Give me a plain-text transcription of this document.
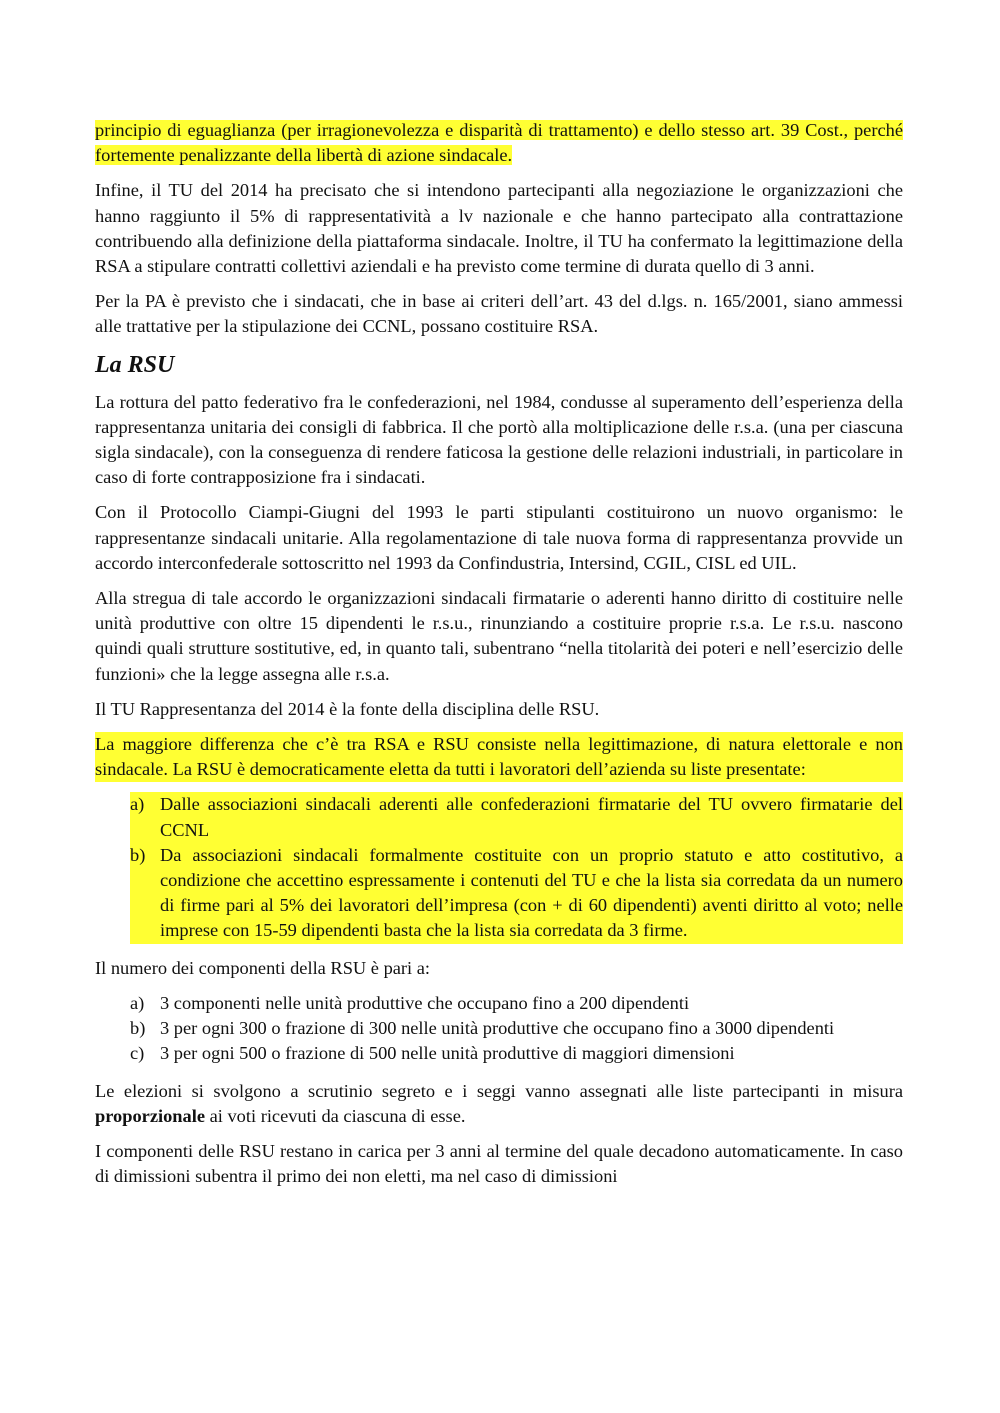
principio di eguaglianza (per irragionevolezza e disparità di trattamento) e dello stesso art. 39 Cost., perché fortemente penalizzante della libertà di azione sindacale.

Infine, il TU del 2014 ha precisato che si intendono partecipanti alla negoziazione le organizzazioni che hanno raggiunto il 5% di rappresentatività a lv nazionale e che hanno partecipato alla contrattazione contribuendo alla definizione della piattaforma sindacale. Inoltre, il TU ha confermato la legittimazione della RSA a stipulare contratti collettivi aziendali e ha previsto come termine di durata quello di 3 anni.

Per la PA è previsto che i sindacati, che in base ai criteri dell’art. 43 del d.lgs. n. 165/2001, siano ammessi alle trattative per la stipulazione dei CCNL, possano costituire RSA.

La RSU

La rottura del patto federativo fra le confederazioni, nel 1984, condusse al superamento dell’esperienza della rappresentanza unitaria dei consigli di fabbrica. Il che portò alla moltiplicazione delle r.s.a. (una per ciascuna sigla sindacale), con la conseguenza di rendere faticosa la gestione delle relazioni industriali, in particolare in caso di forte contrapposizione fra i sindacati.

Con il Protocollo Ciampi-Giugni del 1993 le parti stipulanti costituirono un nuovo organismo: le rappresentanze sindacali unitarie. Alla regolamentazione di tale nuova forma di rappresentanza provvide un accordo interconfederale sottoscritto nel 1993 da Confindustria, Intersind, CGIL, CISL ed UIL.

Alla stregua di tale accordo le organizzazioni sindacali firmatarie o aderenti hanno diritto di costituire nelle unità produttive con oltre 15 dipendenti le r.s.u., rinunziando a costituire proprie r.s.a. Le r.s.u. nascono quindi quali strutture sostitutive, ed, in quanto tali, subentrano “nella titolarità dei poteri e nell’esercizio delle funzioni» che la legge assegna alle r.s.a.

Il TU Rappresentanza del 2014 è la fonte della disciplina delle RSU.

La maggiore differenza che c’è tra RSA e RSU consiste nella legittimazione, di natura elettorale e non sindacale. La RSU è democraticamente eletta da tutti i lavoratori dell’azienda su liste presentate:

a) Dalle associazioni sindacali aderenti alle confederazioni firmatarie del TU ovvero firmatarie del CCNL
b) Da associazioni sindacali formalmente costituite con un proprio statuto e atto costitutivo, a condizione che accettino espressamente i contenuti del TU e che la lista sia corredata da un numero di firme pari al 5% dei lavoratori dell’impresa (con + di 60 dipendenti) aventi diritto al voto; nelle imprese con 15-59 dipendenti basta che la lista sia corredata da 3 firme.

Il numero dei componenti della RSU è pari a:

a) 3 componenti nelle unità produttive che occupano fino a 200 dipendenti
b) 3 per ogni 300 o frazione di 300 nelle unità produttive che occupano fino a 3000 dipendenti
c) 3 per ogni 500 o frazione di 500 nelle unità produttive di maggiori dimensioni

Le elezioni si svolgono a scrutinio segreto e i seggi vanno assegnati alle liste partecipanti in misura proporzionale ai voti ricevuti da ciascuna di esse.

I componenti delle RSU restano in carica per 3 anni al termine del quale decadono automaticamente. In caso di dimissioni subentra il primo dei non eletti, ma nel caso di dimissioni
